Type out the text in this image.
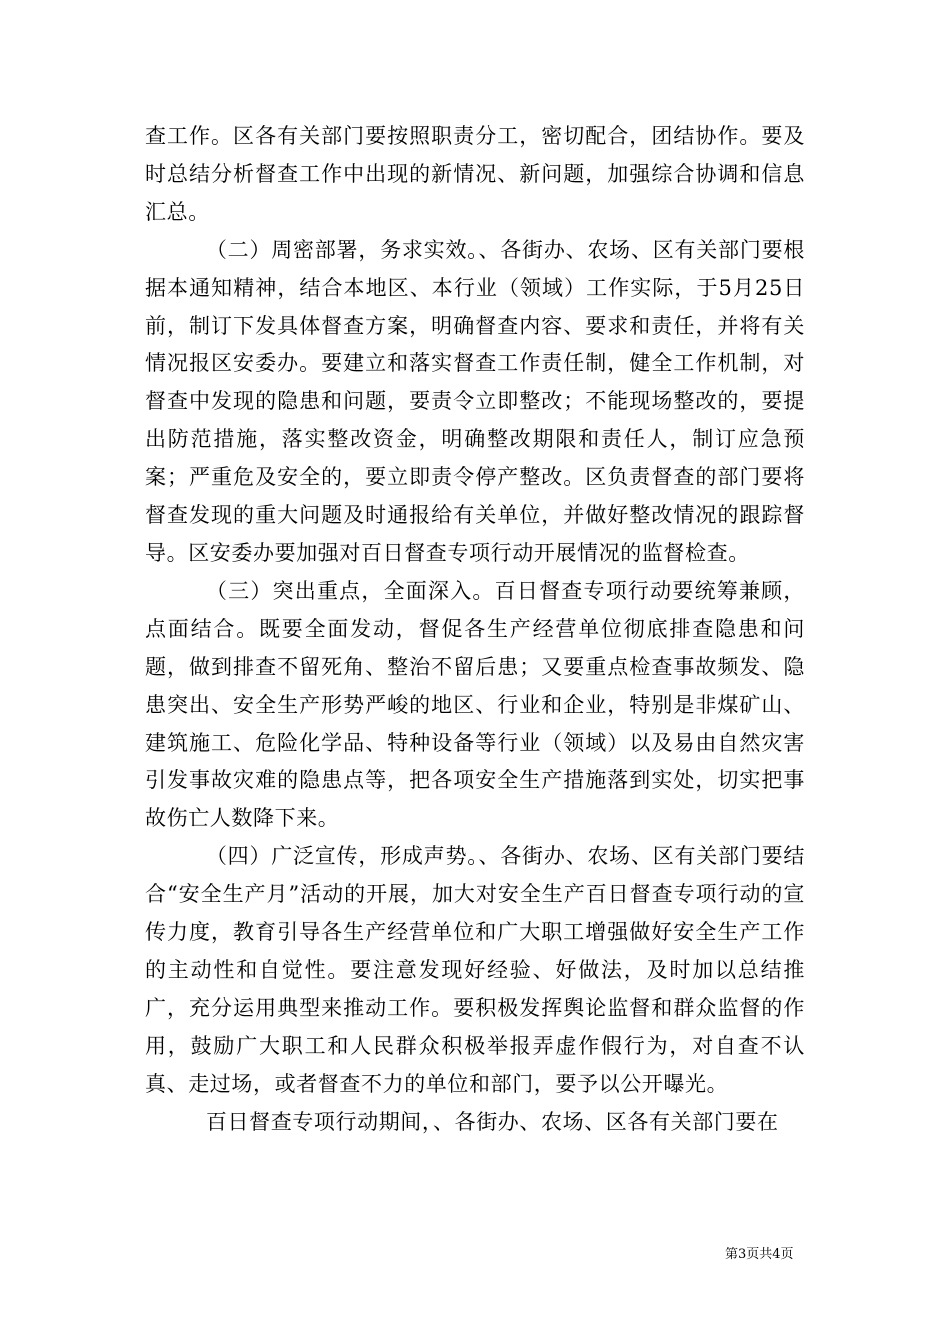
查工作。区各有关部门要按照职责分工，密切配合，团结协作。要及时总结分析督查工作中出现的新情况、新问题，加强综合协调和信息汇总。

（二）周密部署，务求实效。、各街办、农场、区有关部门要根据本通知精神，结合本地区、本行业（领域）工作实际，于5月25日前，制订下发具体督查方案，明确督查内容、要求和责任，并将有关情况报区安委办。要建立和落实督查工作责任制，健全工作机制，对督查中发现的隐患和问题，要责令立即整改；不能现场整改的，要提出防范措施，落实整改资金，明确整改期限和责任人，制订应急预案；严重危及安全的，要立即责令停产整改。区负责督查的部门要将督查发现的重大问题及时通报给有关单位，并做好整改情况的跟踪督导。区安委办要加强对百日督查专项行动开展情况的监督检查。

（三）突出重点，全面深入。百日督查专项行动要统筹兼顾，点面结合。既要全面发动，督促各生产经营单位彻底排查隐患和问题，做到排查不留死角、整治不留后患；又要重点检查事故频发、隐患突出、安全生产形势严峻的地区、行业和企业，特别是非煤矿山、建筑施工、危险化学品、特种设备等行业（领域）以及易由自然灾害引发事故灾难的隐患点等，把各项安全生产措施落到实处，切实把事故伤亡人数降下来。

（四）广泛宣传，形成声势。、各街办、农场、区有关部门要结合“安全生产月”活动的开展，加大对安全生产百日督查专项行动的宣传力度，教育引导各生产经营单位和广大职工增强做好安全生产工作的主动性和自觉性。要注意发现好经验、好做法，及时加以总结推广，充分运用典型来推动工作。要积极发挥舆论监督和群众监督的作用，鼓励广大职工和人民群众积极举报弄虚作假行为，对自查不认真、走过场，或者督查不力的单位和部门，要予以公开曝光。

百日督查专项行动期间，、各街办、农场、区各有关部门要在

第3页共4页
